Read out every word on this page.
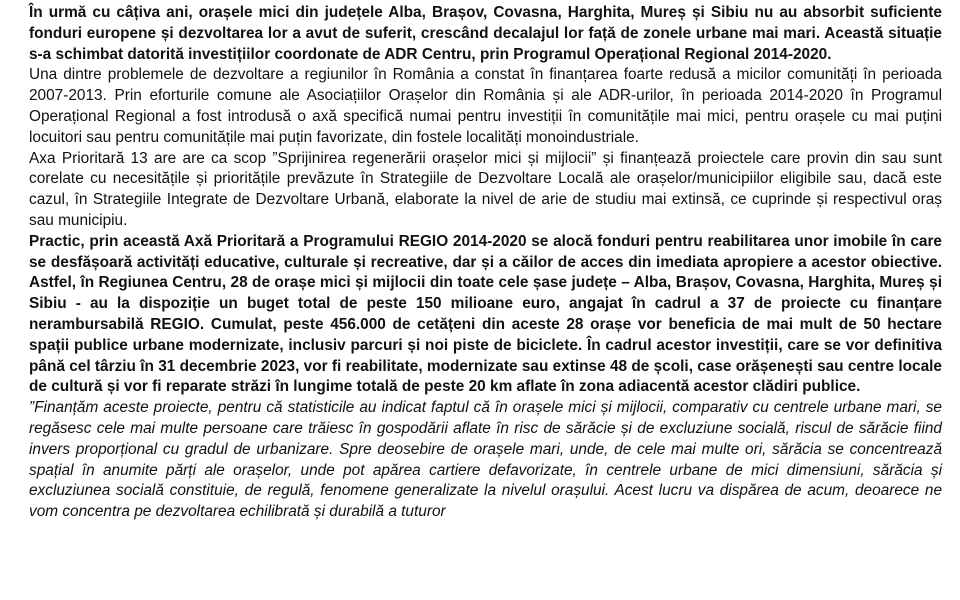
În urmă cu câțiva ani, orașele mici din județele Alba, Brașov, Covasna, Harghita, Mureș și Sibiu nu au absorbit suficiente fonduri europene și dezvoltarea lor a avut de suferit, crescând decalajul lor față de zonele urbane mai mari. Această situație s-a schimbat datorită investițiilor coordonate de ADR Centru, prin Programul Operațional Regional 2014-2020.

Una dintre problemele de dezvoltare a regiunilor în România a constat în finanțarea foarte redusă a micilor comunități în perioada 2007-2013. Prin eforturile comune ale Asociațiilor Orașelor din România și ale ADR-urilor, în perioada 2014-2020 în Programul Operațional Regional a fost introdusă o axă specifică numai pentru investiții în comunitățile mai mici, pentru orașele cu mai puțini locuitori sau pentru comunitățile mai puțin favorizate, din fostele localități monoindustriale.

Axa Prioritară 13 are are ca scop ”Sprijinirea regenerării orașelor mici și mijlocii” și finanțează proiectele care provin din sau sunt corelate cu necesitățile și prioritățile prevăzute în Strategiile de Dezvoltare Locală ale orașelor/municipiilor eligibile sau, dacă este cazul, în Strategiile Integrate de Dezvoltare Urbană, elaborate la nivel de arie de studiu mai extinsă, ce cuprinde și respectivul oraș sau municipiu.

Practic, prin această Axă Prioritară a Programului REGIO 2014-2020 se alocă fonduri pentru reabilitarea unor imobile în care se desfășoară activități educative, culturale și recreative, dar și a căilor de acces din imediata apropiere a acestor obiective. Astfel, în Regiunea Centru, 28 de orașe mici și mijlocii din toate cele șase județe – Alba, Brașov, Covasna, Harghita, Mureș și Sibiu - au la dispoziție un buget total de peste 150 milioane euro, angajat în cadrul a 37 de proiecte cu finanțare nerambursabilă REGIO. Cumulat, peste 456.000 de cetățeni din aceste 28 orașe vor beneficia de mai mult de 50 hectare spații publice urbane modernizate, inclusiv parcuri și noi piste de biciclete. În cadrul acestor investiții, care se vor definitiva până cel târziu în 31 decembrie 2023, vor fi reabilitate, modernizate sau extinse 48 de școli, case orășenești sau centre locale de cultură și vor fi reparate străzi în lungime totală de peste 20 km aflate în zona adiacentă acestor clădiri publice.

”Finanțăm aceste proiecte, pentru că statisticile au indicat faptul că în orașele mici și mijlocii, comparativ cu centrele urbane mari, se regăsesc cele mai multe persoane care trăiesc în gospodării aflate în risc de sărăcie și de excluziune socială, riscul de sărăcie fiind invers proporțional cu gradul de urbanizare. Spre deosebire de orașele mari, unde, de cele mai multe ori, sărăcia se concentrează spațial în anumite părți ale orașelor, unde pot apărea cartiere defavorizate, în centrele urbane de mici dimensiuni, sărăcia și excluziunea socială constituie, de regulă, fenomene generalizate la nivelul orașului. Acest lucru va dispărea de acum, deoarece ne vom concentra pe dezvoltarea echilibrată și durabilă a tuturor
